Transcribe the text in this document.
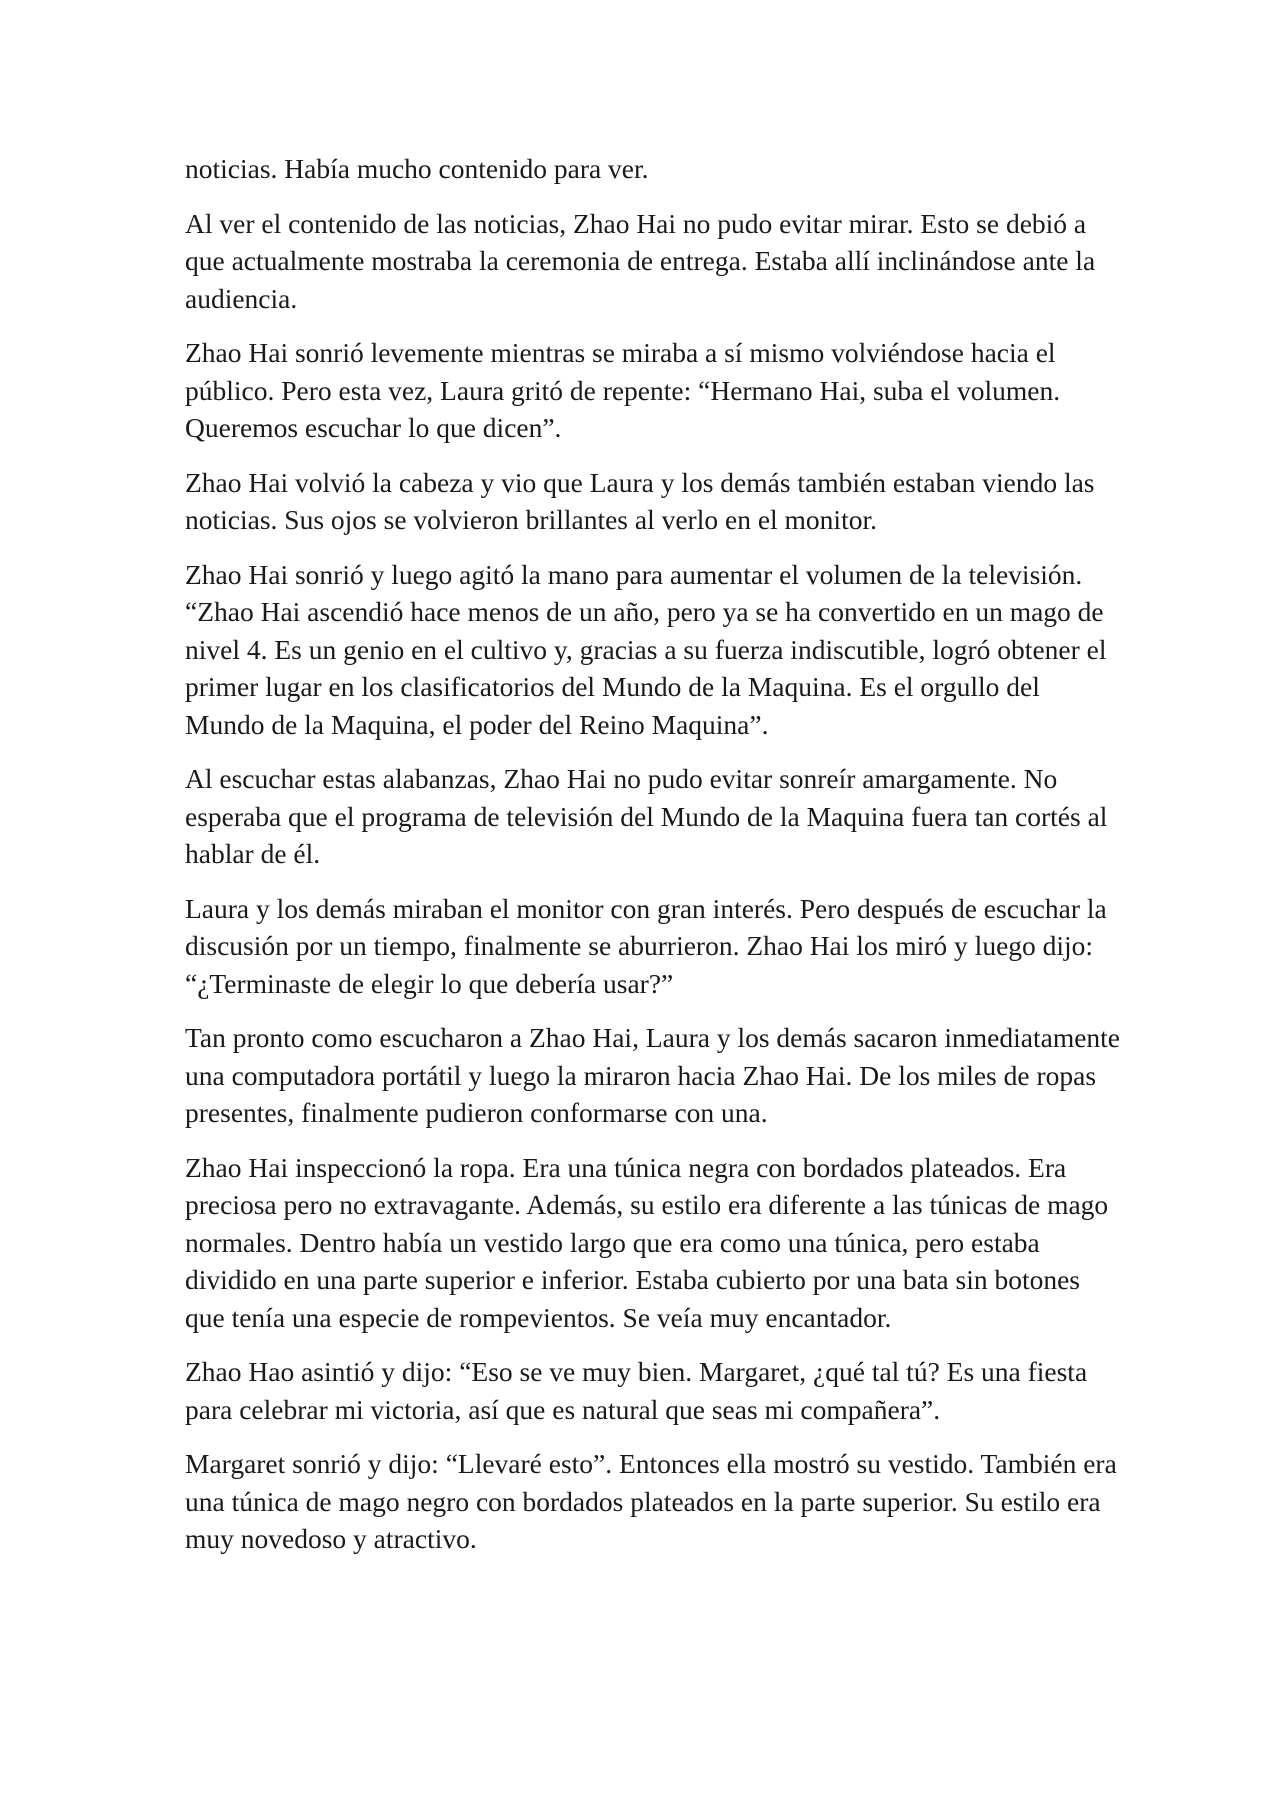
noticias. Había mucho contenido para ver.

Al ver el contenido de las noticias, Zhao Hai no pudo evitar mirar. Esto se debió a que actualmente mostraba la ceremonia de entrega. Estaba allí inclinándose ante la audiencia.

Zhao Hai sonrió levemente mientras se miraba a sí mismo volviéndose hacia el público. Pero esta vez, Laura gritó de repente: “Hermano Hai, suba el volumen. Queremos escuchar lo que dicen”.

Zhao Hai volvió la cabeza y vio que Laura y los demás también estaban viendo las noticias. Sus ojos se volvieron brillantes al verlo en el monitor.

Zhao Hai sonrió y luego agitó la mano para aumentar el volumen de la televisión. “Zhao Hai ascendió hace menos de un año, pero ya se ha convertido en un mago de nivel 4. Es un genio en el cultivo y, gracias a su fuerza indiscutible, logró obtener el primer lugar en los clasificatorios del Mundo de la Maquina. Es el orgullo del Mundo de la Maquina, el poder del Reino Maquina”.

Al escuchar estas alabanzas, Zhao Hai no pudo evitar sonreír amargamente. No esperaba que el programa de televisión del Mundo de la Maquina fuera tan cortés al hablar de él.

Laura y los demás miraban el monitor con gran interés. Pero después de escuchar la discusión por un tiempo, finalmente se aburrieron. Zhao Hai los miró y luego dijo: “¿Terminaste de elegir lo que debería usar?”

Tan pronto como escucharon a Zhao Hai, Laura y los demás sacaron inmediatamente una computadora portátil y luego la miraron hacia Zhao Hai. De los miles de ropas presentes, finalmente pudieron conformarse con una.

Zhao Hai inspeccionó la ropa. Era una túnica negra con bordados plateados. Era preciosa pero no extravagante. Además, su estilo era diferente a las túnicas de mago normales. Dentro había un vestido largo que era como una túnica, pero estaba dividido en una parte superior e inferior. Estaba cubierto por una bata sin botones que tenía una especie de rompevientos. Se veía muy encantador.

Zhao Hao asintió y dijo: “Eso se ve muy bien. Margaret, ¿qué tal tú? Es una fiesta para celebrar mi victoria, así que es natural que seas mi compañera”.

Margaret sonrió y dijo: “Llevaré esto”. Entonces ella mostró su vestido. También era una túnica de mago negro con bordados plateados en la parte superior. Su estilo era muy novedoso y atractivo.
